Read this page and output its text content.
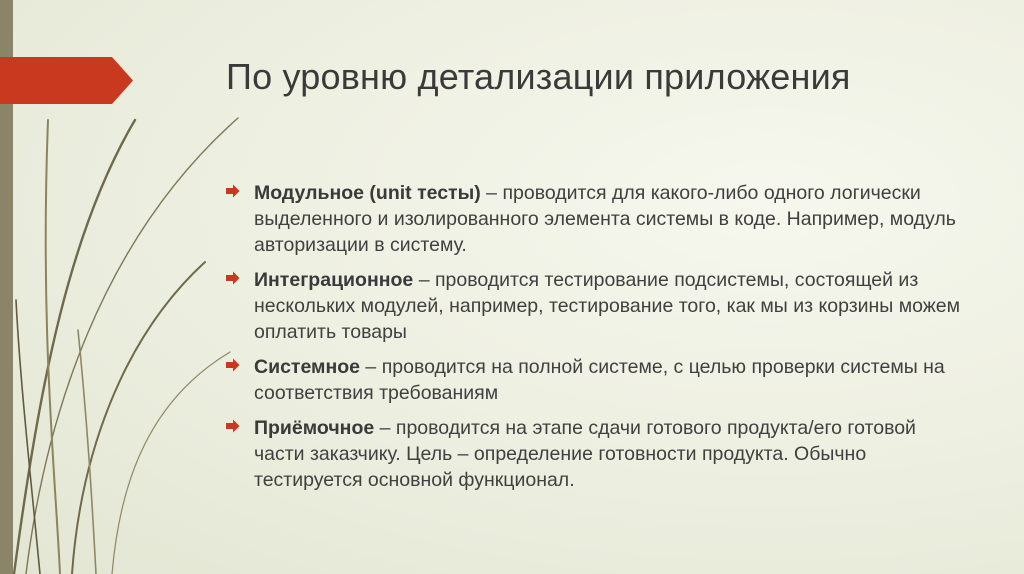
По уровню детализации приложения
Модульное (unit тесты) – проводится для какого-либо одного логически выделенного и изолированного элемента системы в коде. Например, модуль авторизации в систему.
Интеграционное – проводится тестирование подсистемы, состоящей из нескольких модулей, например, тестирование того, как мы из корзины можем оплатить товары
Системное – проводится на полной системе, с целью проверки системы на соответствия требованиям
Приёмочное – проводится на этапе сдачи готового продукта/его готовой части заказчику. Цель – определение готовности продукта. Обычно тестируется основной функционал.
